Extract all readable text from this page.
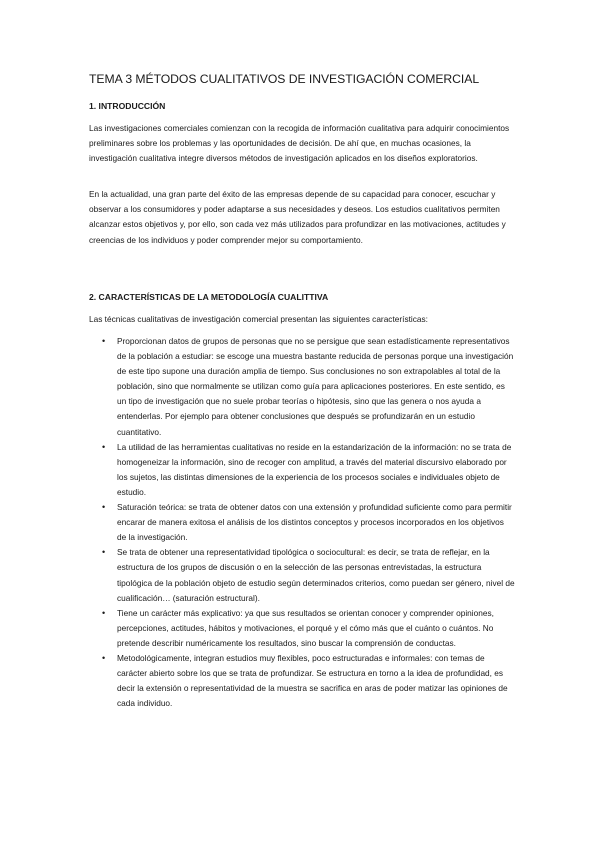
TEMA 3 MÉTODOS CUALITATIVOS DE INVESTIGACIÓN COMERCIAL
1. INTRODUCCIÓN

Las investigaciones comerciales comienzan con la recogida de información cualitativa para adquirir conocimientos preliminares sobre los problemas y las oportunidades de decisión. De ahí que, en muchas ocasiones, la investigación cualitativa integre diversos métodos de investigación aplicados en los diseños exploratorios.

En la actualidad, una gran parte del éxito de las empresas depende de su capacidad para conocer, escuchar y observar a los consumidores y poder adaptarse a sus necesidades y deseos. Los estudios cualitativos permiten alcanzar estos objetivos y, por ello, son cada vez más utilizados para profundizar en las motivaciones, actitudes y creencias de los individuos y poder comprender mejor su comportamiento.

2. CARACTERÍSTICAS DE LA METODOLOGÍA CUALITTIVA

Las técnicas cualitativas de investigación comercial presentan las siguientes características:

•	Proporcionan datos de grupos de personas que no se persigue que sean estadísticamente representativos de la población a estudiar: se escoge una muestra bastante reducida de personas porque una investigación de este tipo supone una duración amplia de tiempo. Sus conclusiones no son extrapolables al total de la población, sino que normalmente se utilizan como guía para aplicaciones posteriores. En este sentido, es un tipo de investigación que no suele probar teorías o hipótesis, sino que las genera o nos ayuda a entenderlas. Por ejemplo para obtener conclusiones que después se profundizarán en un estudio cuantitativo.
•	La utilidad de las herramientas cualitativas no reside en la estandarización de la información: no se trata de homogeneizar la información, sino de recoger con amplitud, a través del material discursivo elaborado por los sujetos, las distintas dimensiones de la experiencia de los procesos sociales e individuales objeto de estudio.
•	Saturación teórica: se trata de obtener datos con una extensión y profundidad suficiente como para permitir encarar de manera exitosa el análisis de los distintos conceptos y procesos incorporados en los objetivos de la investigación.
•	Se trata de obtener una representatividad tipológica o sociocultural: es decir, se trata de reflejar, en la estructura de los grupos de discusión o en la selección de las personas entrevistadas, la estructura tipológica de la población objeto de estudio según determinados criterios, como puedan ser género, nivel de cualificación… (saturación estructural).
•	Tiene un carácter más explicativo: ya que sus resultados se orientan conocer y comprender opiniones, percepciones, actitudes, hábitos y motivaciones, el porqué y el cómo más que el cuánto o cuántos. No pretende describir numéricamente los resultados, sino buscar la comprensión de conductas.
•	Metodológicamente, integran estudios muy flexibles, poco estructuradas e informales: con temas de carácter abierto sobre los que se trata de profundizar. Se estructura en torno a la idea de profundidad, es decir la extensión o representatividad de la muestra se sacrifica en aras de poder matizar las opiniones de cada individuo.
